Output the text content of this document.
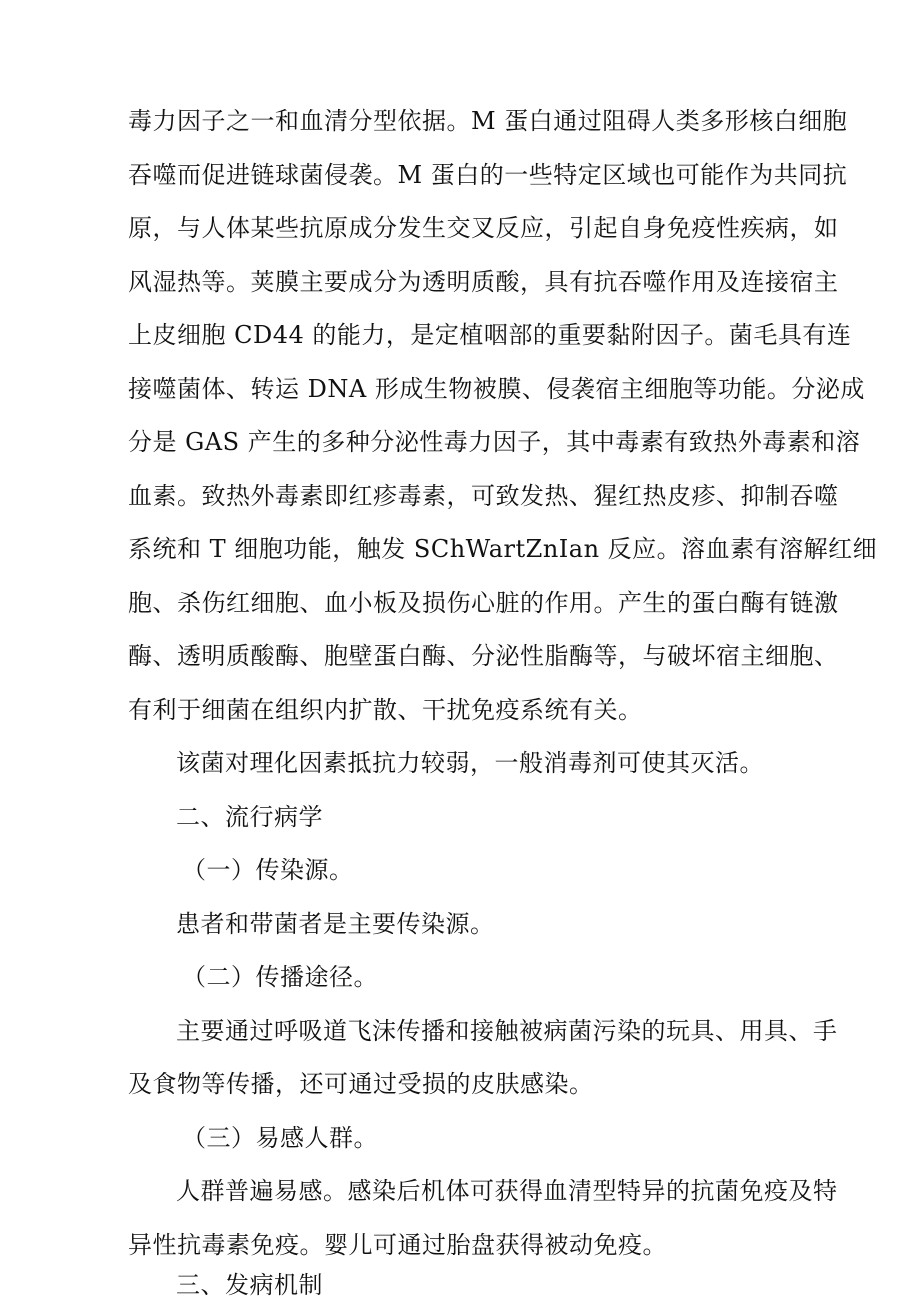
毒力因子之一和血清分型依据。M 蛋白通过阻碍人类多形核白细胞

吞噬而促进链球菌侵袭。M 蛋白的一些特定区域也可能作为共同抗

原，与人体某些抗原成分发生交叉反应，引起自身免疫性疾病，如

风湿热等。荚膜主要成分为透明质酸，具有抗吞噬作用及连接宿主

上皮细胞 CD44 的能力，是定植咽部的重要黏附因子。菌毛具有连

接噬菌体、转运 DNA 形成生物被膜、侵袭宿主细胞等功能。分泌成

分是 GAS 产生的多种分泌性毒力因子，其中毒素有致热外毒素和溶

血素。致热外毒素即红疹毒素，可致发热、猩红热皮疹、抑制吞噬

系统和 T 细胞功能，触发 SChWartZnIan 反应。溶血素有溶解红细

胞、杀伤红细胞、血小板及损伤心脏的作用。产生的蛋白酶有链激

酶、透明质酸酶、胞壁蛋白酶、分泌性脂酶等，与破坏宿主细胞、

有利于细菌在组织内扩散、干扰免疫系统有关。

该菌对理化因素抵抗力较弱，一般消毒剂可使其灭活。

二、流行病学

（一）传染源。

患者和带菌者是主要传染源。

（二）传播途径。

主要通过呼吸道飞沫传播和接触被病菌污染的玩具、用具、手

及食物等传播，还可通过受损的皮肤感染。

（三）易感人群。

人群普遍易感。感染后机体可获得血清型特异的抗菌免疫及特

异性抗毒素免疫。婴儿可通过胎盘获得被动免疫。

三、发病机制
